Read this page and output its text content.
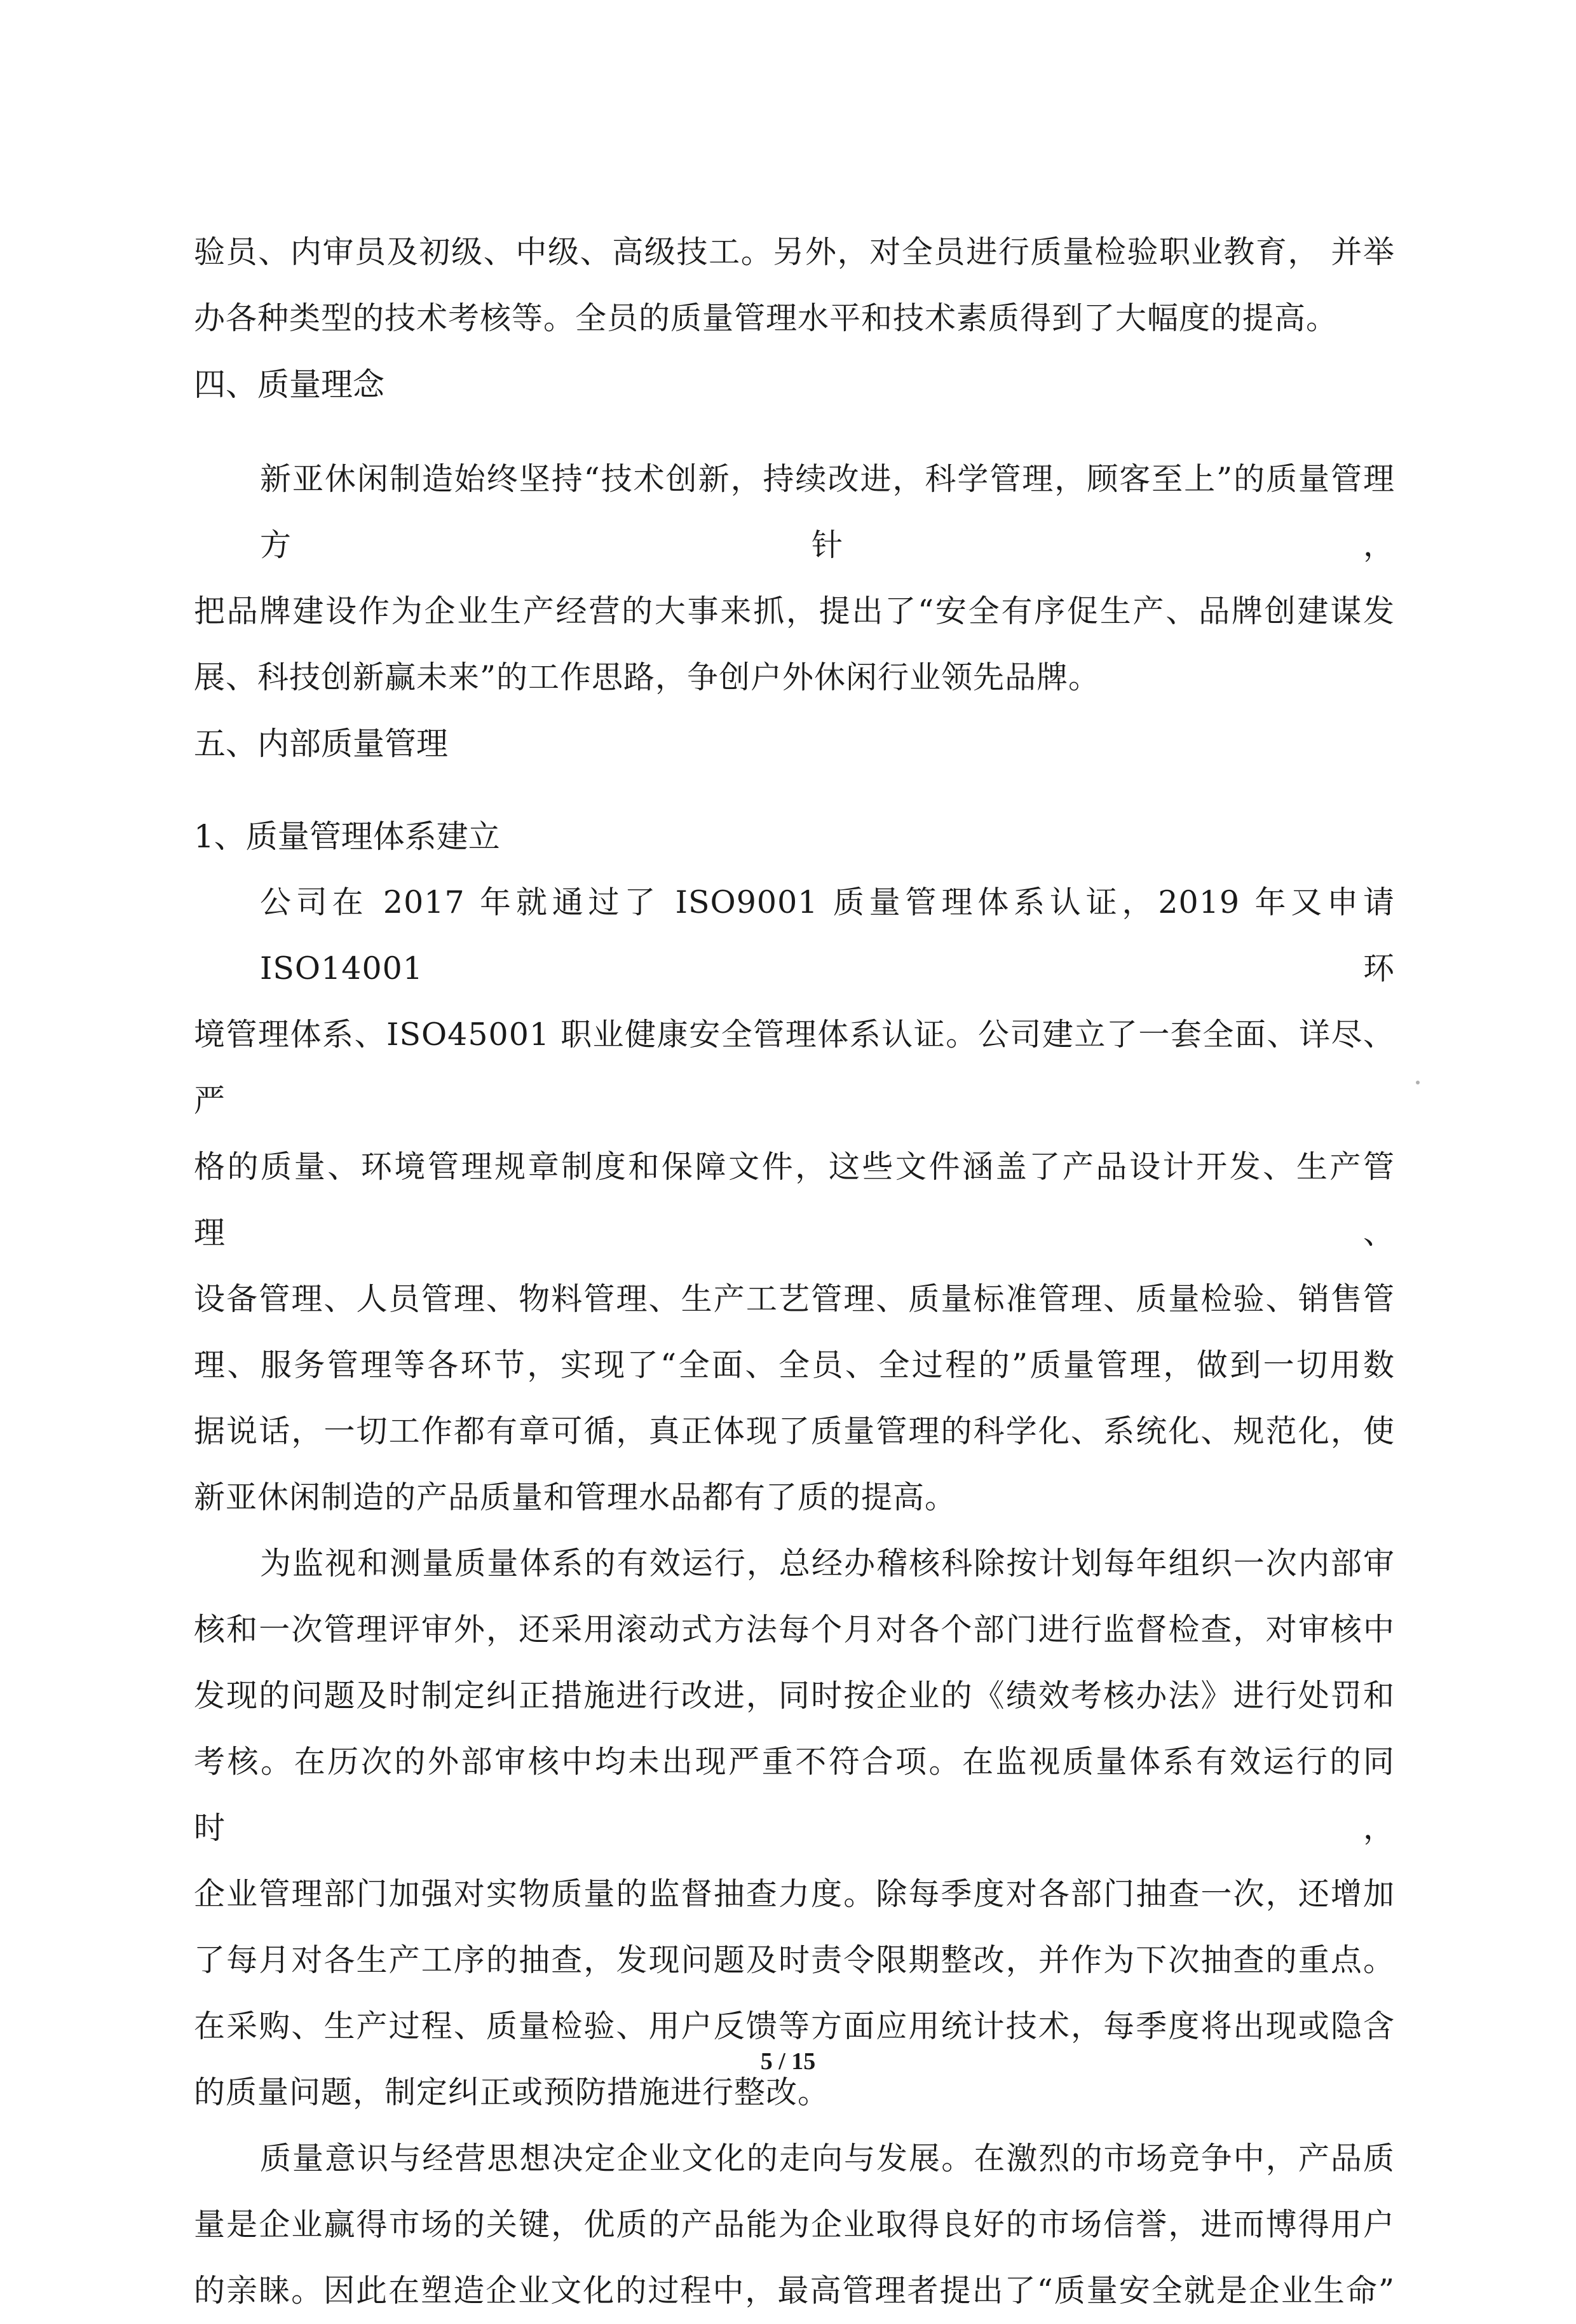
验员、内审员及初级、中级、高级技工。另外，对全员进行质量检验职业教育， 并举
办各种类型的技术考核等。全员的质量管理水平和技术素质得到了大幅度的提高。
四、质量理念
新亚休闲制造始终坚持“技术创新，持续改进，科学管理，顾客至上”的质量管理方针，
把品牌建设作为企业生产经营的大事来抓，提出了“安全有序促生产、品牌创建谋发
展、科技创新赢未来”的工作思路，争创户外休闲行业领先品牌。
五、内部质量管理
1、质量管理体系建立
公司在 2017 年就通过了 ISO9001 质量管理体系认证，2019 年又申请 ISO14001 环
境管理体系、ISO45001 职业健康安全管理体系认证。公司建立了一套全面、详尽、严
格的质量、环境管理规章制度和保障文件，这些文件涵盖了产品设计开发、生产管理、
设备管理、人员管理、物料管理、生产工艺管理、质量标准管理、质量检验、销售管
理、服务管理等各环节，实现了“全面、全员、全过程的”质量管理，做到一切用数
据说话，一切工作都有章可循，真正体现了质量管理的科学化、系统化、规范化，使
新亚休闲制造的产品质量和管理水品都有了质的提高。
为监视和测量质量体系的有效运行，总经办稽核科除按计划每年组织一次内部审
核和一次管理评审外，还采用滚动式方法每个月对各个部门进行监督检查，对审核中
发现的问题及时制定纠正措施进行改进，同时按企业的《绩效考核办法》进行处罚和
考核。在历次的外部审核中均未出现严重不符合项。在监视质量体系有效运行的同时，
企业管理部门加强对实物质量的监督抽查力度。除每季度对各部门抽查一次，还增加
了每月对各生产工序的抽查，发现问题及时责令限期整改，并作为下次抽查的重点。
在采购、生产过程、质量检验、用户反馈等方面应用统计技术，每季度将出现或隐含
的质量问题，制定纠正或预防措施进行整改。
质量意识与经营思想决定企业文化的走向与发展。在激烈的市场竞争中，产品质
量是企业赢得市场的关键，优质的产品能为企业取得良好的市场信誉，进而博得用户
的亲睐。因此在塑造企业文化的过程中，最高管理者提出了“质量安全就是企业生命”
5 / 15
